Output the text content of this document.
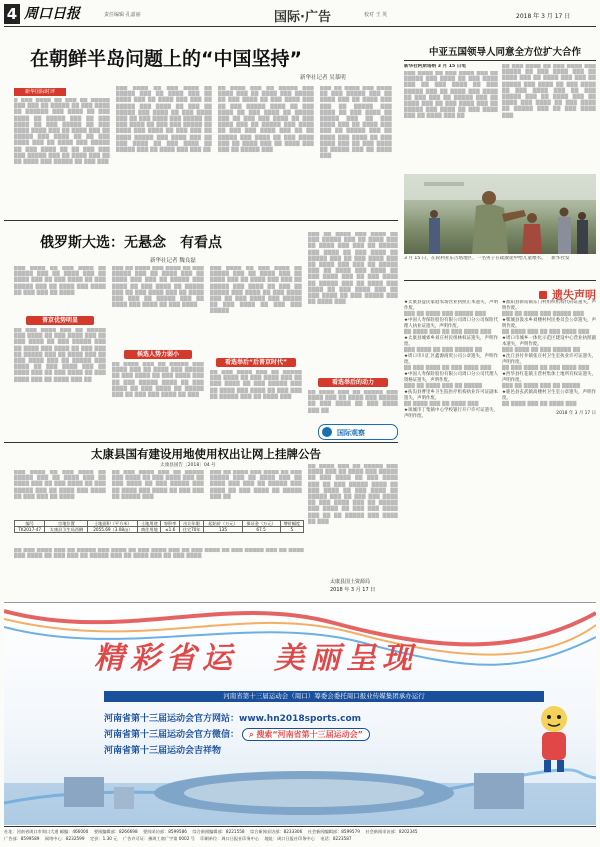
4 周口日报	责任编辑 孔嘉丽	国际·广告	校对 王 英	2018 年 3 月 17 日
在朝鲜半岛问题上的“中国坚持”
新华社记者 吴慕明
新华国际时评
█ ███ ████ ██ ███ ██ █████ ███ ███ ██ █████ ██ ███ ████ ██ ██████ ███ ████ ██ ███ ████ ██ █████ ███ ██ ███ ████ ██ ███ █████ ██ ███ ████ ████ ███ ██ ████ ███ ██ █████ ███ ████ ██ ██ ███ ████ ███ ██ ████ ███ █████ ██ ███ ████ ██ ██ ███ ███ ███ █████ ███ ██ ████ ███ ██ ██ ████ ███ █████ ██ ███ ███
███ ████ ██ ███ ████ ██ █████ ███ ██ ████ ███ ██ ████ ███ ██ ████ ███ ███ ██ █████ ███ ████ ██ ███ ██ █████ ███ ████ ██ ███ ████ ███ ██ ███ ████ ███ █████ ██ ███ ████ ██ ███ ███ █████ ██ ████ ███ ████ ██ ███ ███ ██ ████ █████ ███ ████ ███ ██ ███ ████ ██ ███ ████ ██ █████ ███ ██ ████ ███ ███ ██
██ ████ ███ ██ █████ ███ ████ ███ ██ ████ ███ █████ ██ ███ ████ ██ ███ ████ ███ ██ ███ █████ ████ ██ ███ ████ ██ ███ ████ ██ █████ ███ ██ ███ ███ ████ ██ ███ ████ ███ ██ █████ ███ ████ ██ ███ ███ ████ ███ ██ ██ █████ ███ ████ ██ ███ ████ ███ ██ ████ ███ ██ ████ ███ ███ ██ █████ ███
███ ██ ████ ███ ████ ██ ███ █████ ███ ██ ████ ███ ██ ████ ███ ███ ██ █████ ███ ████ ██ ███ ████ ██ █████ ███ ██ ███ ████ ███ ██ ████ ███ ███ ██ █████ ███ ██ ████ ███ ████ ██ ███ ████ ███ ██ ███ ████ ██ █████ ███ ██ ████ ███
中亚五国领导人同意全方位扩大合作
新华社阿斯塔纳 3 月 15 日电
███ ████ ██ ███ ████ ███ ██ █████ ███ ████ ██ ███ ████ ███ ██ ███ ████ ██ ███ █████ ███ ██ ████ ███ ████ ██ ███ ███ ██ █████ ███ ██ ████ ███ ██ ███ ████ ███ ██ █████ ███ ████ ██ ███ ████ ███ ██ ████ ███ ██
██ ███ ████ ██ ███ ████ ███ █████ ██ ███ ████ ███ ██ ████ ███ ██ ████ ███ ███ ██ █████ ███ ████ ██ ███ ████ ██ ███ ████ ███ ██ ███ █████ ███ ██ ████ ███ ██ ████ ███ ████ ██ ███ ████ ██ █████ ███ ██ ███ ████ ███
3 月 15 日，在叙利亚东古塔地区，一名男子在疏散途中给儿童喂水。 新华社发
俄罗斯大选：无悬念　有看点
新华社记者 魏良磊
███ ████ ██ ███ ████ ██ █████ ███ ██ ████ ███ ██ ████ ███ ██ ███ ████ ██ ███ █████ ███ ██ ████ ███ ████ ██ ███ ███ ██ ████
普京优势明显
██ ███ ████ ███ ██ █████ ███ ████ ██ ███ ████ ███ ██ ███ ████ ██ ███ █████ ███ ██ ████ ███ ████ ██ ███ ███ ██ █████ ███ ██ ████ ███ ██ ███ ████ ███ ██ █████ ███ ████ ██ ███ ████ ███ ██ ████ ███ ██ ███ ████ ██ ███ ████ ███ ██ ████ ███ ██
███ ██ ████ ███ ████ ██ ███ █████ ███ ██ ████ ███ ██ ████ ███ ███ ██ █████ ███ ████ ██ ███ ████ ██ █████ ███ ██ ███ ████ ███ ██ ████ ███ ███ ██ █████ ███ ██ ████ ███ ████ ██ ███ ████
候选人势力弱小
██ ████ ███ ██ █████ ███ ████ ███ ██ ████ ███ █████ ██ ███ ████ ██ ███ ████ ███ ██ ███ █████ ████ ██ ███ ████ ██ ███ ████ ██ █████ ███ ██ ███ ███ ████ ██ ███
███ ████ ██ ███ ████ ██ █████ ███ ██ ████ ███ ██ ████ ███ ██ ████ ███ ███ ██ █████ ███ ████ ██ ███ ██ █████ ███ ████ ██ ███ ████ ███ ██ ███ ████ ███ █████ ██ ███ ████ ██ ███ ███ █████
看选举后“后普京时代”
██ ███ ████ ███ ██ █████ ███ ████ ██ ███ ████ ███ ██ ███ ████ ██ ███ █████ ███ ██ ████ ███ ████ ██ ███ ███ ██ █████ ███ ██ ████ ███
███ ██ ████ ███ ████ ██ ███ █████ ███ ██ ████ ███ ██ ████ ███ ███ ██ █████ ███ ████ ██ ███ ████ ██ █████ ███ ██ ███ ████ ███ ██ ████ ███ ███ ██ █████ ███ ██ ████ ███ ████ ██ ███ ████ ███ ██ ███ ████ ██ █████ ███ ██ ████ ███ ████ ██ ███ ████ ███ ██ ███ ████ ██ ███ █████ ███ ██ ████ ███
看选举后的动力
██ ████ ███ ██ █████ ███ ████ ███ ██ ████ ███ █████ ██ ███ ████ ██ ███ ████ ███ ██
国际观察
太康县国有建设用地使用权出让网上挂牌公告
太康县国告〔2018〕04 号
███ ████ ██ ███ ████ ██ █████ ███ ██ ████ ███ ██ ████ ███ ██ ███ ████ ██ ███ █████ ███ ██ ████ ███ ████ ██ ███ ███ ██ ████
██ ███ ████ ███ ██ █████ ███ ████ ██ ███ ████ ███ ██ ███ ████ ██ ███ █████ ███ ██ ████ ███ ████ ██ ███ ███ ██ █████ ███
███ ██ ████ ███ ████ ██ ███ █████ ███ ██ ████ ███ ██ ████ ███ ███ ██ █████ ███ ████ ██ ███ ████ ██ █████ ███ ██
██ ████ ███ ██ █████ ███ ████ ███ ██ ████ ███ █████ ██ ███ ████ ██ ███ ████ ███ ██ ███ █████ ████ ██ ███ ████ ██ ███ ████ ██ █████ ███ ██ ███ ███ ████ ██ ███ ████ ███ ██ █████ ███ ████ ██ ███ ███ ████ ███ ██ ██ █████ ███ ████ ██ ███
编号	宗地位置	土地面积（平方米）	土地用途	容积率	出让年限	起始价（万元）	保证金（万元）	增价幅度
TK2017-47	太康县卫生局西侧	2055.69（3.08亩）	商住用地	≤1.6	住宅70年	135	67.5	5
██ ███ ████ ███ ██ █████ ███ ████ ██ ███ ████ ███ ██ ███ ████ ██ ███ █████ ███ ██ ████ ███ ████ ██ ███ ███ ██ █████ ███ ██ ████ ███ ██ ███ ████
太康县国土资源局
2018 年 3 月 17 日
遗失声明
★太康县益民家庭农场营业执照正本遗失，声明作废。
███ ██ ████ ███ █████ ███
★中国人寿保险股份有限公司周口分公司保险代理人执业证遗失，声明作废。
██ ████ ███ ██ ███ ████ ███
★太康县城郊乡刘庄村民组林权证遗失，声明作废。
███ ████ ██ ███ █████ ██
★周口市川汇区鑫源商贸公司公章遗失，声明作废。
██ ███ ████ ██ ███ ████ ███
★中国人寿保险股份有限公司周口分公司代理人资格证遗失，声明作废。
███ ██ ████ ███ ██ █████
★扶沟县曹里乡卫生院医疗机构执业许可证副本遗失，声明作废。
██ ████ ███ ██ ████ ███
★项城市丁集镇中心学校银行开户许可证遗失，声明作废。
★淮阳县新站镇东门村组织机构代码证遗失，声明作废。
███ ██ ████ ███ █████ ███
★郸城县汲水乡刘楼村村民委员会公章遗失，声明作废。
██ ████ ███ ██ ███ ████ ███
★周口市城乡一体化示范区建设中心营业执照副本遗失，声明作废。
███ ████ ██ ███ █████ ██
★沈丘县付井镇张庄村卫生室执业许可证遗失，声明作废。
██ ███ ████ ██ ███ ████ ███
★西华县红花镇王营村集体土地所有权证遗失，声明作废。
███ ██ ████ ███ ██ █████
★鹿邑县玄武镇高楼村卫生室公章遗失，声明作废。
██ ████ ███ ██ ████ ███
2018 年 3 月 17 日
精彩省运　美丽呈现
河南省第十三届运动会（周口）筹委会委托周口报业传媒集团承办运行
河南省第十三届运动会官方网站：www.hn2018sports.com
河南省第十三届运动会官方微信： ⌕ 搜索“河南省第十三届运动会”
河南省第十三届运动会吉祥物
社址：河南省周口市周口大道 邮编：466000 　要闻编辑部：8266698 　要闻采访部：8599586 　综合新闻编辑部：8221558 　综合新闻采访部：8233306 　社会新闻编辑部：8599579 　社会新闻采访部：8202345
广告部：8599589 　网络中心：8232599 　定价：1.30 元 　广告许可证：豫周工商广字第 0002 号 　印刷单位：周口日报社印务中心 　地址：周口日报社印务中心 　电话：8223587
